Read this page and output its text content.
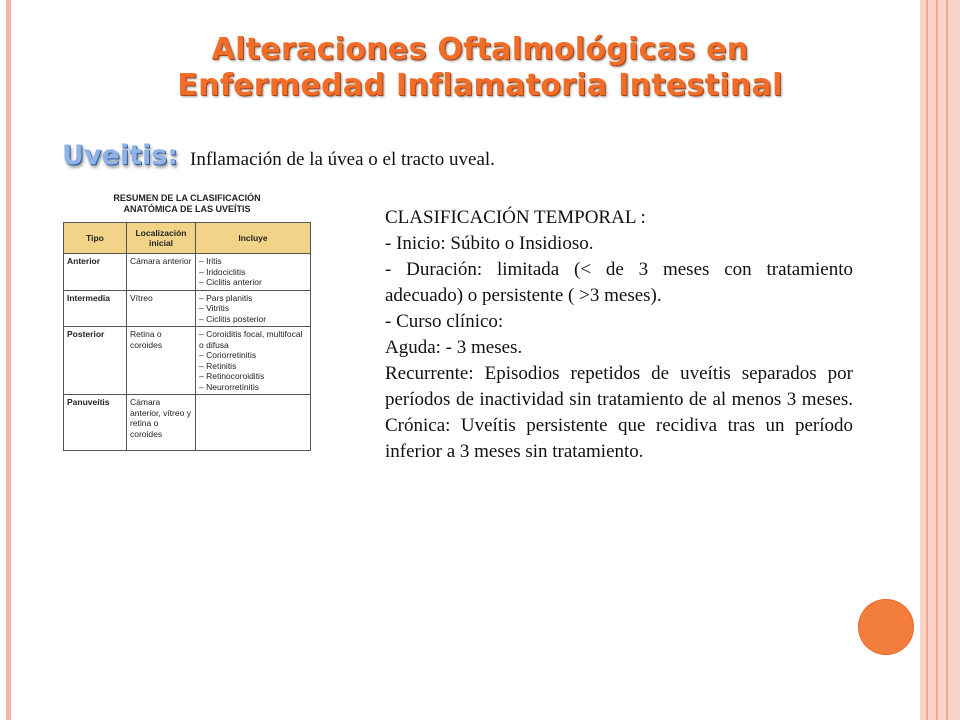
Alteraciones Oftalmológicas en
Enfermedad Inflamatoria Intestinal
Uveitis: Inflamación de la úvea o el tracto uveal.
RESUMEN DE LA CLASIFICACIÓN
ANATÓMICA DE LAS UVEÍTIS
Tipo	Localización inicial	Incluye
Anterior	Cámara anterior	– Iritis
– Iridociclitis
– Ciclitis anterior

Intermedia	Vítreo	– Pars planitis
– Vitritis
– Ciclitis posterior

Posterior	Retina o coroides	– Coroiditis focal, multifocal o difusa
– Coriorretinitis
– Retinitis
– Retinocoroiditis
– Neurorretinitis

Panuveítis	Cámara anterior, vítreo y retina o coroides	

CLASIFICACIÓN TEMPORAL :

- Inicio: Súbito o Insidioso.

- Duración: limitada (< de 3 meses con tratamiento adecuado) o persistente ( >3 meses).

- Curso clínico:

Aguda: - 3 meses.

Recurrente: Episodios repetidos de uveítis separados por períodos de inactividad sin tratamiento de al menos 3 meses. Crónica: Uveítis persistente que recidiva tras un período inferior a 3 meses sin tratamiento.
